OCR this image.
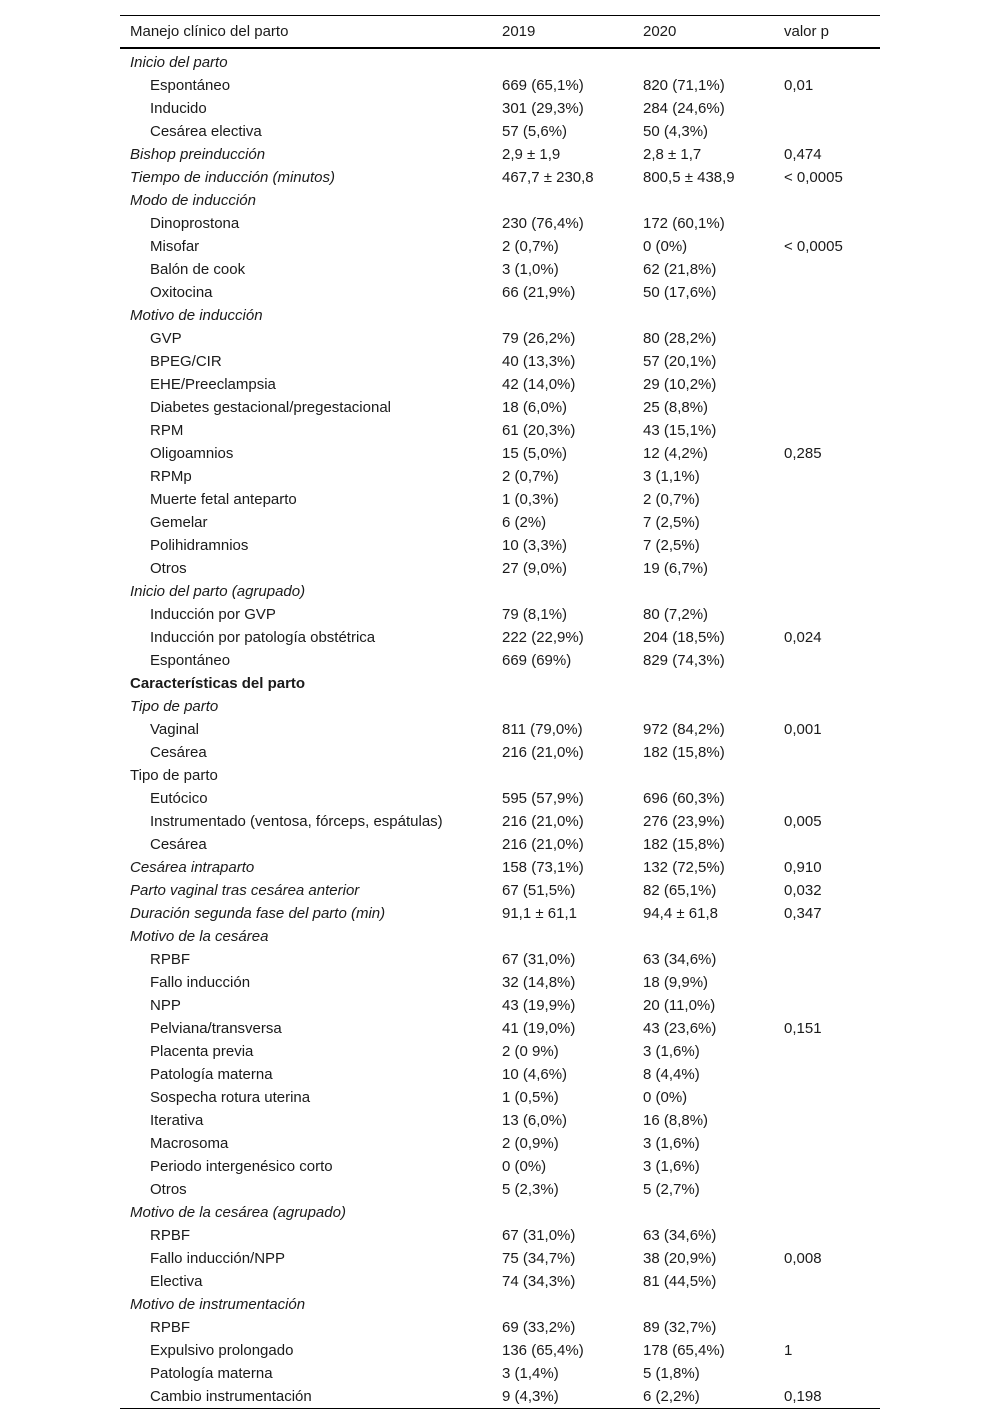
Manejo clínico del parto	2019	2020	valor p
Inicio del parto			
Espontáneo	669 (65,1%)	820 (71,1%)	0,01
Inducido	301 (29,3%)	284 (24,6%)	
Cesárea electiva	57 (5,6%)	50 (4,3%)	
Bishop preinducción	2,9 ± 1,9	2,8 ± 1,7	0,474
Tiempo de inducción (minutos)	467,7 ± 230,8	800,5 ± 438,9	< 0,0005
Modo de inducción			
Dinoprostona	230 (76,4%)	172 (60,1%)	
Misofar	2 (0,7%)	0 (0%)	< 0,0005
Balón de cook	3 (1,0%)	62 (21,8%)	
Oxitocina	66 (21,9%)	50 (17,6%)	
Motivo de inducción			
GVP	79 (26,2%)	80 (28,2%)	
BPEG/CIR	40 (13,3%)	57 (20,1%)	
EHE/Preeclampsia	42 (14,0%)	29 (10,2%)	
Diabetes gestacional/pregestacional	18 (6,0%)	25 (8,8%)	
RPM	61 (20,3%)	43 (15,1%)	
Oligoamnios	15 (5,0%)	12 (4,2%)	0,285
RPMp	2 (0,7%)	3 (1,1%)	
Muerte fetal anteparto	1 (0,3%)	2 (0,7%)	
Gemelar	6 (2%)	7 (2,5%)	
Polihidramnios	10 (3,3%)	7 (2,5%)	
Otros	27 (9,0%)	19 (6,7%)	
Inicio del parto (agrupado)			
Inducción por GVP	79 (8,1%)	80 (7,2%)	
Inducción por patología obstétrica	222 (22,9%)	204 (18,5%)	0,024
Espontáneo	669 (69%)	829 (74,3%)	
Características del parto			
Tipo de parto			
Vaginal	811 (79,0%)	972 (84,2%)	0,001
Cesárea	216 (21,0%)	182 (15,8%)	
Tipo de parto			
Eutócico	595 (57,9%)	696 (60,3%)	
Instrumentado (ventosa, fórceps, espátulas)	216 (21,0%)	276 (23,9%)	0,005
Cesárea	216 (21,0%)	182 (15,8%)	
Cesárea intraparto	158 (73,1%)	132 (72,5%)	0,910
Parto vaginal tras cesárea anterior	67 (51,5%)	82 (65,1%)	0,032
Duración segunda fase del parto (min)	91,1 ± 61,1	94,4 ± 61,8	0,347
Motivo de la cesárea			
RPBF	67 (31,0%)	63 (34,6%)	
Fallo inducción	32 (14,8%)	18 (9,9%)	
NPP	43 (19,9%)	20 (11,0%)	
Pelviana/transversa	41 (19,0%)	43 (23,6%)	0,151
Placenta previa	2 (0 9%)	3 (1,6%)	
Patología materna	10 (4,6%)	8 (4,4%)	
Sospecha rotura uterina	1 (0,5%)	0 (0%)	
Iterativa	13 (6,0%)	16 (8,8%)	
Macrosoma	2 (0,9%)	3 (1,6%)	
Periodo intergenésico corto	0 (0%)	3 (1,6%)	
Otros	5 (2,3%)	5 (2,7%)	
Motivo de la cesárea (agrupado)			
RPBF	67 (31,0%)	63 (34,6%)	
Fallo inducción/NPP	75 (34,7%)	38 (20,9%)	0,008
Electiva	74 (34,3%)	81 (44,5%)	
Motivo de instrumentación			
RPBF	69 (33,2%)	89 (32,7%)	
Expulsivo prolongado	136 (65,4%)	178 (65,4%)	1
Patología materna	3 (1,4%)	5 (1,8%)	
Cambio instrumentación	9 (4,3%)	6 (2,2%)	0,198
